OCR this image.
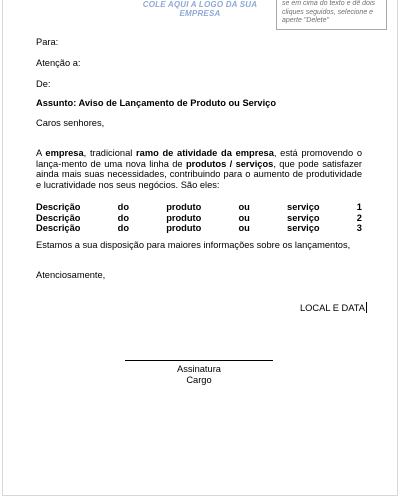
COLE AQUI A LOGO DA SUA EMPRESA

se em cima do texto e dê dois

cliques seguidos, selecione e

aperte "Delete"

Para:
Atenção a:
De:
Assunto: Aviso de Lançamento de Produto ou Serviço
Caros senhores,
A empresa, tradicional ramo de atividade da empresa, está promovendo o lança-mento de uma nova linha de produtos / serviços, que pode satisfazer ainda mais suas necessidades, contribuindo para o aumento de produtividade e lucratividade nos seus negócios. São eles:
Descrição	do	produto	ou	serviço	1
Descrição	do	produto	ou	serviço	2
Descrição	do	produto	ou	serviço	3
Estamos a sua disposição para maiores informações sobre os lançamentos,
Atenciosamente,
LOCAL E DATA
Assinatura
Cargo
